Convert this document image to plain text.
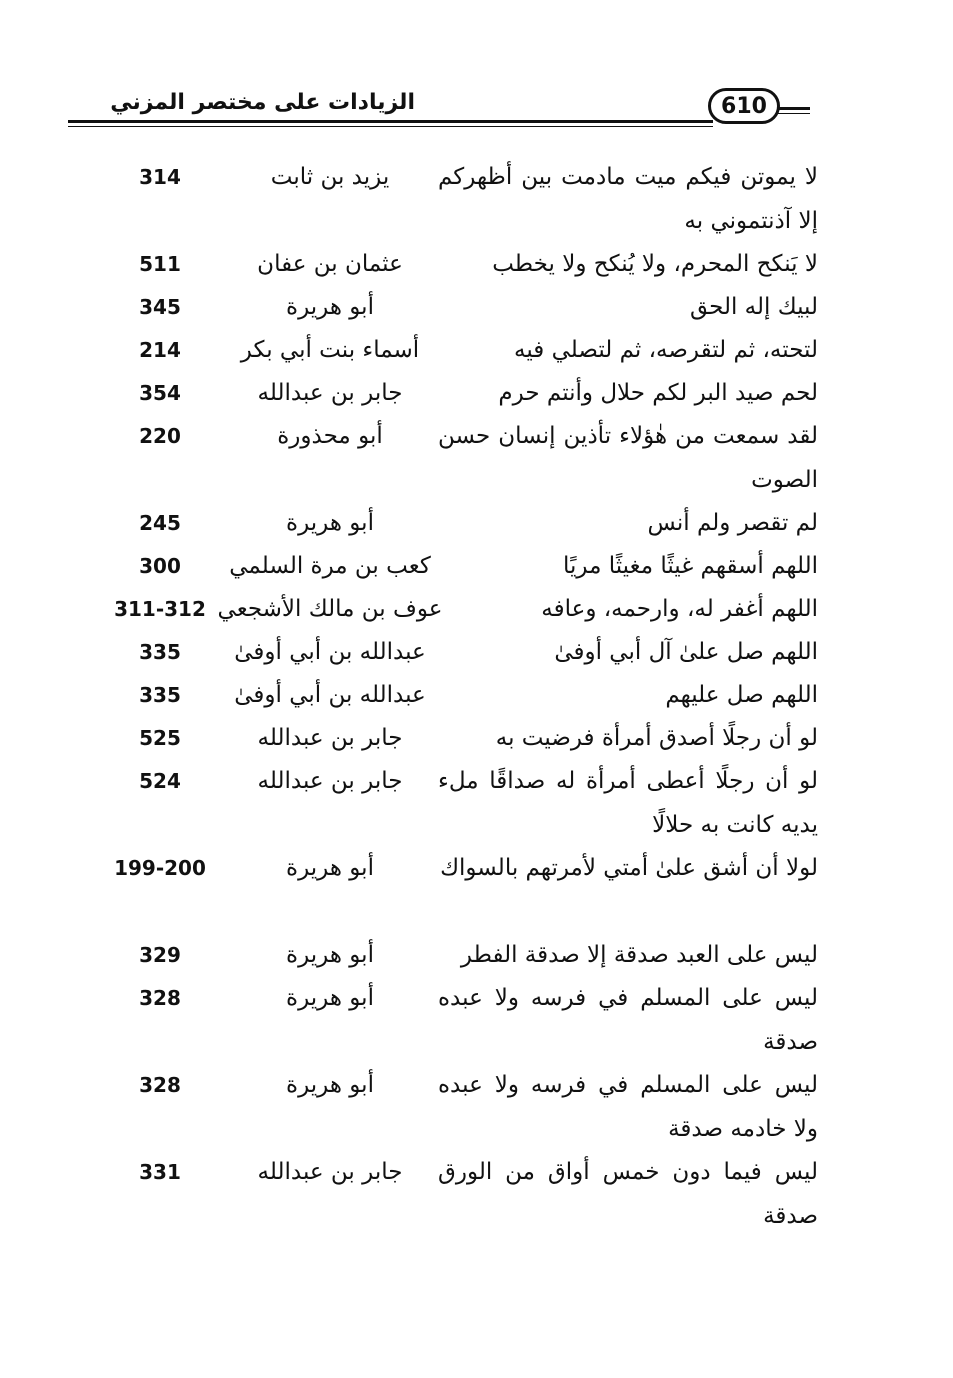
الزيادات على مختصر المزني	610
لا يموتن فيكم ميت مادمت بين أظهركم إلا آذنتموني به
يزيد بن ثابت
314
لا يَنكح المحرم، ولا يُنكح ولا يخطب
عثمان بن عفان
511
لبيك إله الحق
أبو هريرة
345
لتحته، ثم لتقرصه، ثم لتصلي فيه
أسماء بنت أبي بكر
214
لحم صيد البر لكم حلال وأنتم حرم
جابر بن عبدالله
354
لقد سمعت من هٰؤلاء تأذين إنسان حسن الصوت
أبو محذورة
220
لم تقصر ولم أنس
أبو هريرة
245
اللهم أسقهم غيثًا مغيثًا مريًا
كعب بن مرة السلمي
300
اللهم أغفر له، وارحمه، وعافه
عوف بن مالك الأشجعي
311-312
اللهم صل علىٰ آل أبي أوفىٰ
عبدالله بن أبي أوفىٰ
335
اللهم صل عليهم
عبدالله بن أبي أوفىٰ
335
لو أن رجلًا أصدق أمرأة فرضيت به
جابر بن عبدالله
525
لو أن رجلًا أعطى أمرأة له صداقًا ملء يديه كانت به حلالًا
جابر بن عبدالله
524
لولا أن أشق علىٰ أمتي لأمرتهم بالسواك
أبو هريرة
199-200
ليس على العبد صدقة إلا صدقة الفطر
أبو هريرة
329
ليس على المسلم في فرسه ولا عبده صدقة
أبو هريرة
328
ليس على المسلم في فرسه ولا عبده ولا خادمه صدقة
أبو هريرة
328
ليس فيما دون خمس أواق من الورق صدقة
جابر بن عبدالله
331
